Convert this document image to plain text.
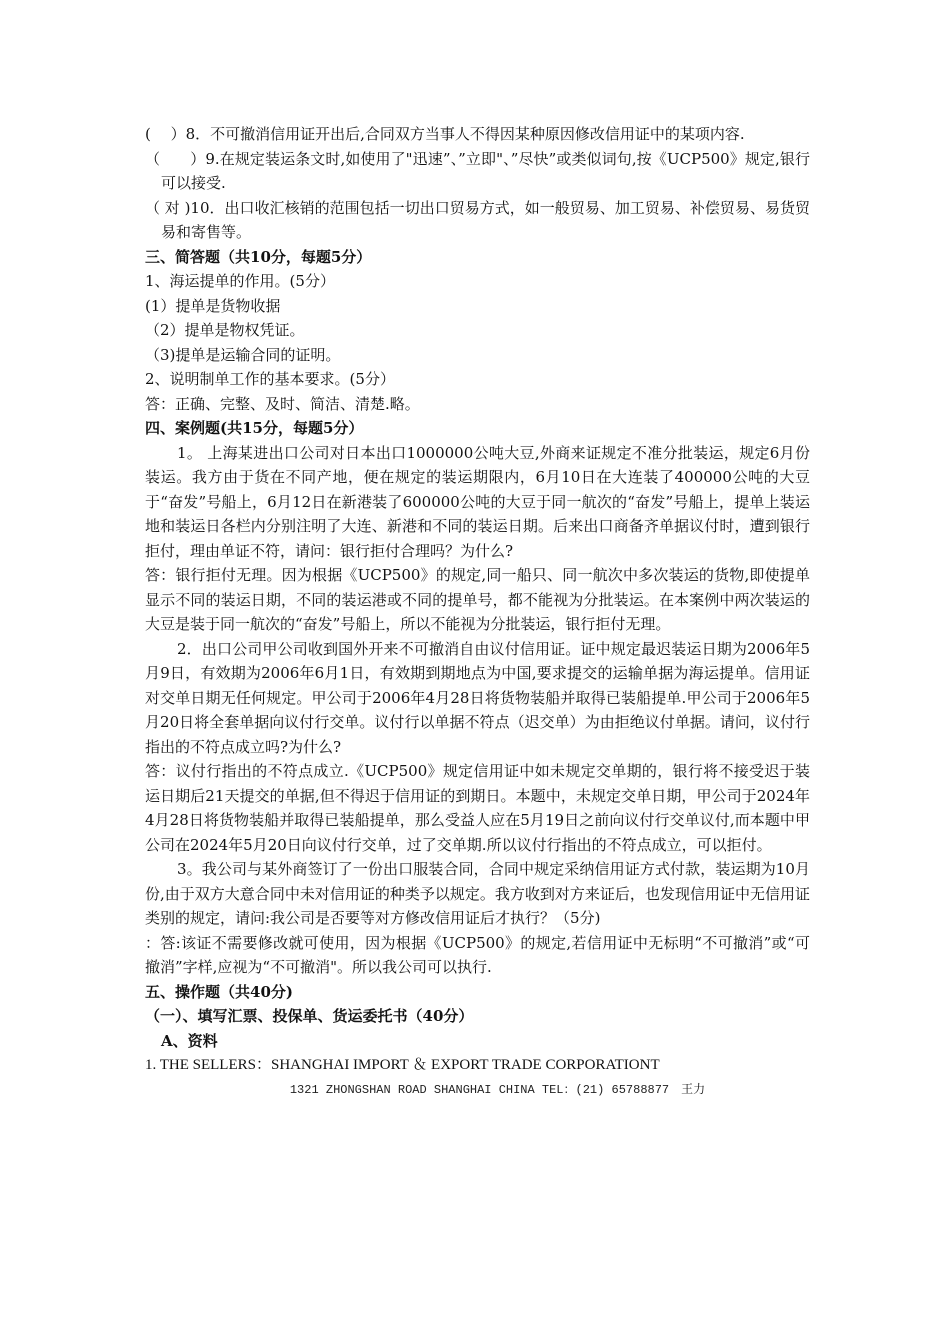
(　 ）8．不可撤消信用证开出后,合同双方当事人不得因某种原因修改信用证中的某项内容.

（　　）9.在规定装运条文时,如使用了"迅速”、”立即"、”尽快”或类似词句,按《UCP500》规定,银行可以接受.

（ 对 )10．出口收汇核销的范围包括一切出口贸易方式，如一般贸易、加工贸易、补偿贸易、易货贸易和寄售等。

三、简答题（共10分，每题5分）

1、海运提单的作用。(5分）

(1）提单是货物收据

（2）提单是物权凭证。

（3)提单是运输合同的证明。

2、说明制单工作的基本要求。(5分）

答：正确、完整、及时、简洁、清楚.略。

四、案例题(共15分，每题5分）

1。 上海某进出口公司对日本出口1000000公吨大豆,外商来证规定不准分批装运，规定6月份装运。我方由于货在不同产地，便在规定的装运期限内，6月10日在大连装了400000公吨的大豆于“奋发”号船上，6月12日在新港装了600000公吨的大豆于同一航次的“奋发”号船上，提单上装运地和装运日各栏内分别注明了大连、新港和不同的装运日期。后来出口商备齐单据议付时，遭到银行拒付，理由单证不符，请问：银行拒付合理吗？为什么?

答：银行拒付无理。因为根据《UCP500》的规定,同一船只、同一航次中多次装运的货物,即使提单显示不同的装运日期，不同的装运港或不同的提单号，都不能视为分批装运。在本案例中两次装运的大豆是装于同一航次的“奋发”号船上，所以不能视为分批装运，银行拒付无理。

2．出口公司甲公司收到国外开来不可撤消自由议付信用证。证中规定最迟装运日期为2006年5月9日，有效期为2006年6月1日，有效期到期地点为中国,要求提交的运输单据为海运提单。信用证对交单日期无任何规定。甲公司于2006年4月28日将货物装船并取得已装船提单.甲公司于2006年5月20日将全套单据向议付行交单。议付行以单据不符点（迟交单）为由拒绝议付单据。请问，议付行指出的不符点成立吗?为什么?

答：议付行指出的不符点成立.《UCP500》规定信用证中如未规定交单期的，银行将不接受迟于装运日期后21天提交的单据,但不得迟于信用证的到期日。本题中，未规定交单日期，甲公司于2024年4月28日将货物装船并取得已装船提单，那么受益人应在5月19日之前向议付行交单议付,而本题中甲公司在2024年5月20日向议付行交单，过了交单期.所以议付行指出的不符点成立，可以拒付。

3。我公司与某外商签订了一份出口服装合同，合同中规定采纳信用证方式付款，装运期为10月份,由于双方大意合同中未对信用证的种类予以规定。我方收到对方来证后，也发现信用证中无信用证类别的规定，请问:我公司是否要等对方修改信用证后才执行？（5分)

：答:该证不需要修改就可使用，因为根据《UCP500》的规定,若信用证中无标明“不可撤消”或“可撤消”字样,应视为“不可撤消"。所以我公司可以执行.

五、操作题（共40分)

（一）、填写汇票、投保单、货运委托书（40分）

A、资料

1. THE SELLERS：SHANGHAI IMPORT ＆ EXPORT TRADE CORPORATIONT

1321 ZHONGSHAN ROAD SHANGHAI CHINA TEL：(21) 65788877　王力
